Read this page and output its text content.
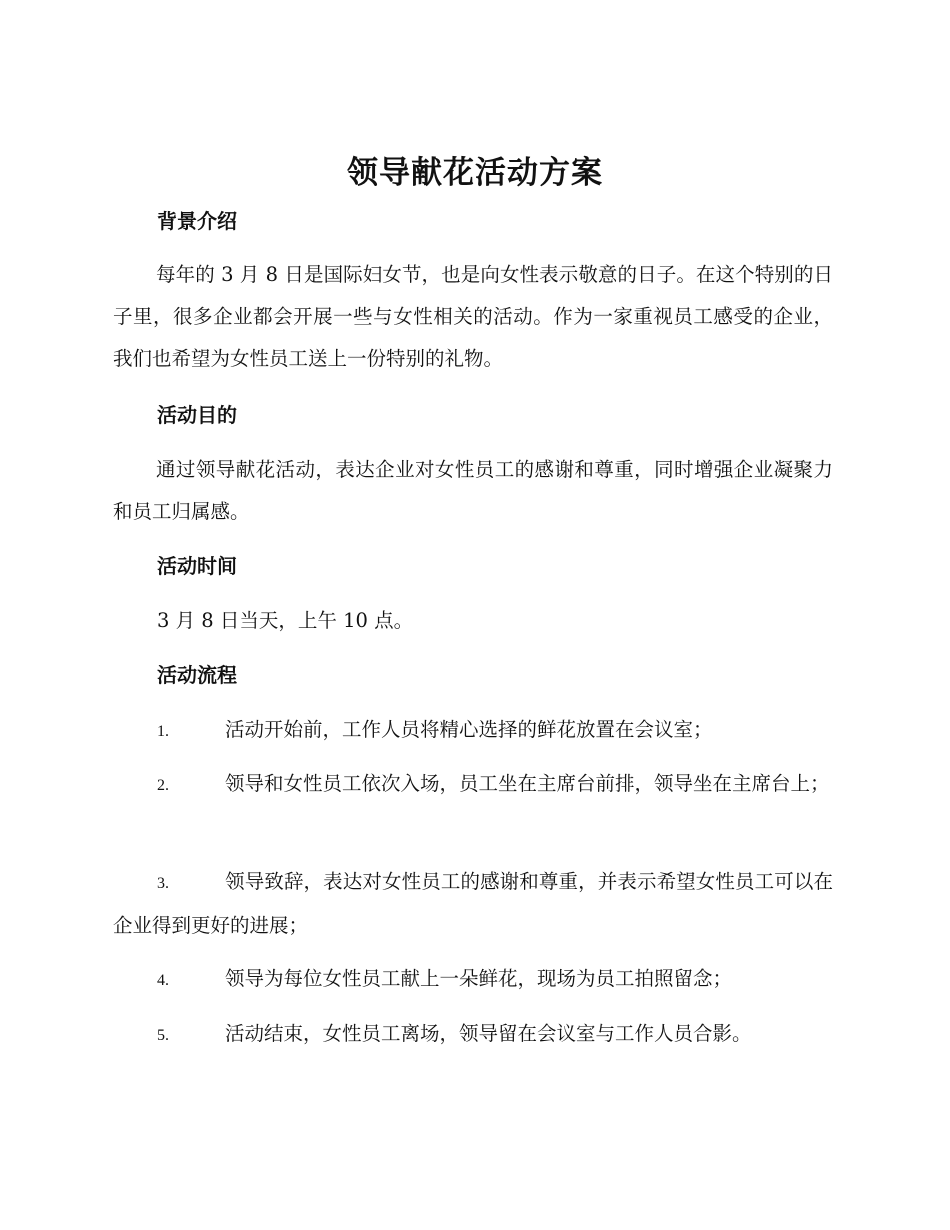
领导献花活动方案
背景介绍
每年的 3 月 8 日是国际妇女节，也是向女性表示敬意的日子。在这个特别的日子里，很多企业都会开展一些与女性相关的活动。作为一家重视员工感受的企业，我们也希望为女性员工送上一份特别的礼物。
活动目的
通过领导献花活动，表达企业对女性员工的感谢和尊重，同时增强企业凝聚力和员工归属感。
活动时间
3 月 8 日当天，上午 10 点。
活动流程
1.	活动开始前，工作人员将精心选择的鲜花放置在会议室；
2.	领导和女性员工依次入场，员工坐在主席台前排，领导坐在主席台上；
3.	领导致辞，表达对女性员工的感谢和尊重，并表示希望女性员工可以在企业得到更好的进展；
4.	领导为每位女性员工献上一朵鲜花，现场为员工拍照留念；
5.	活动结束，女性员工离场，领导留在会议室与工作人员合影。
